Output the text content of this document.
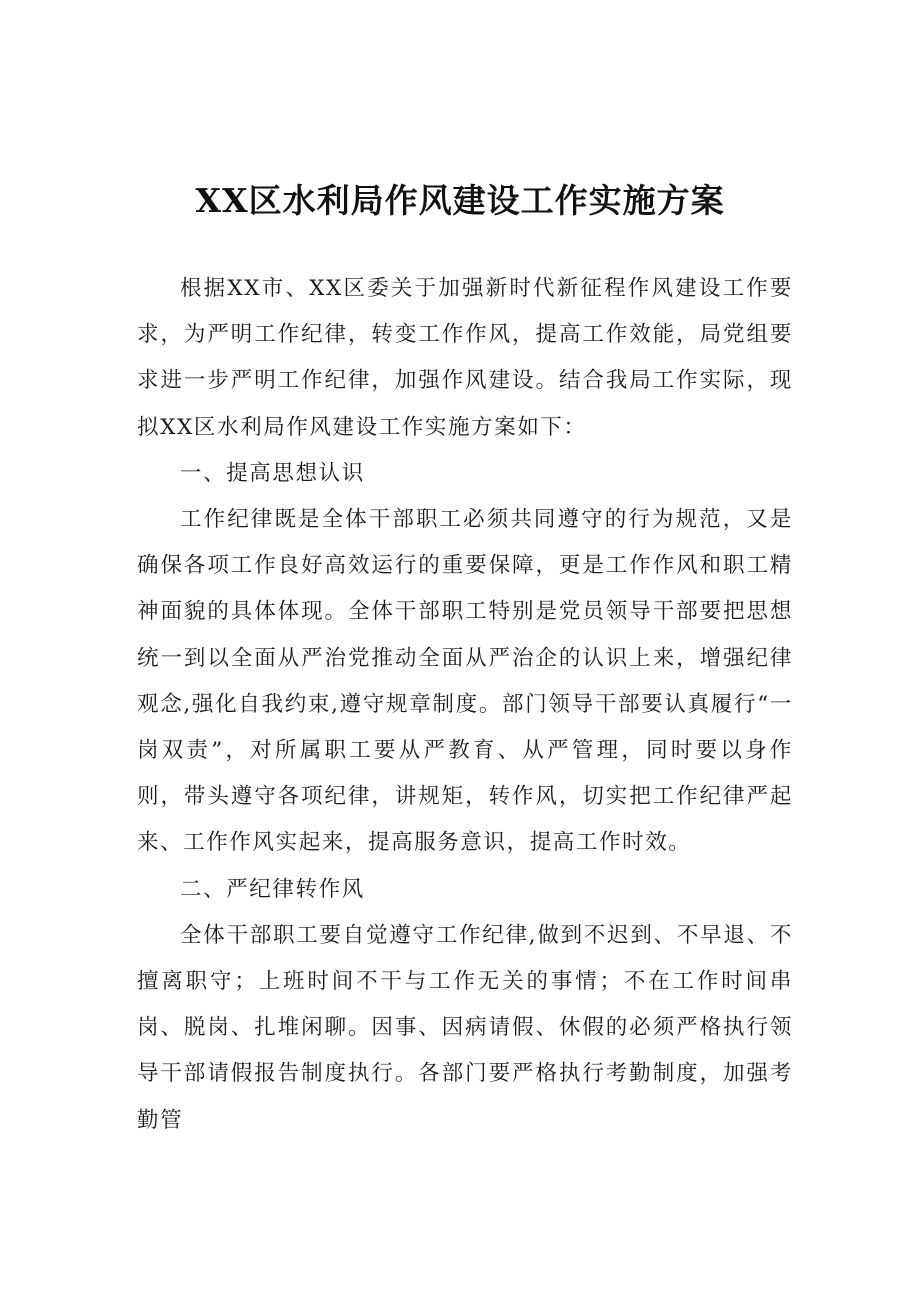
XX区水利局作风建设工作实施方案

根据XX市、XX区委关于加强新时代新征程作风建设工作要求，为严明工作纪律，转变工作作风，提高工作效能，局党组要求进一步严明工作纪律，加强作风建设。结合我局工作实际，现拟XX区水利局作风建设工作实施方案如下：

一、提高思想认识

工作纪律既是全体干部职工必须共同遵守的行为规范，又是确保各项工作良好高效运行的重要保障，更是工作作风和职工精神面貌的具体体现。全体干部职工特别是党员领导干部要把思想统一到以全面从严治党推动全面从严治企的认识上来，增强纪律观念,强化自我约束,遵守规章制度。部门领导干部要认真履行“一岗双责”，对所属职工要从严教育、从严管理，同时要以身作则，带头遵守各项纪律，讲规矩，转作风，切实把工作纪律严起来、工作作风实起来，提高服务意识，提高工作时效。

二、严纪律转作风

全体干部职工要自觉遵守工作纪律,做到不迟到、不早退、不擅离职守；上班时间不干与工作无关的事情；不在工作时间串岗、脱岗、扎堆闲聊。因事、因病请假、休假的必须严格执行领导干部请假报告制度执行。各部门要严格执行考勤制度，加强考勤管
